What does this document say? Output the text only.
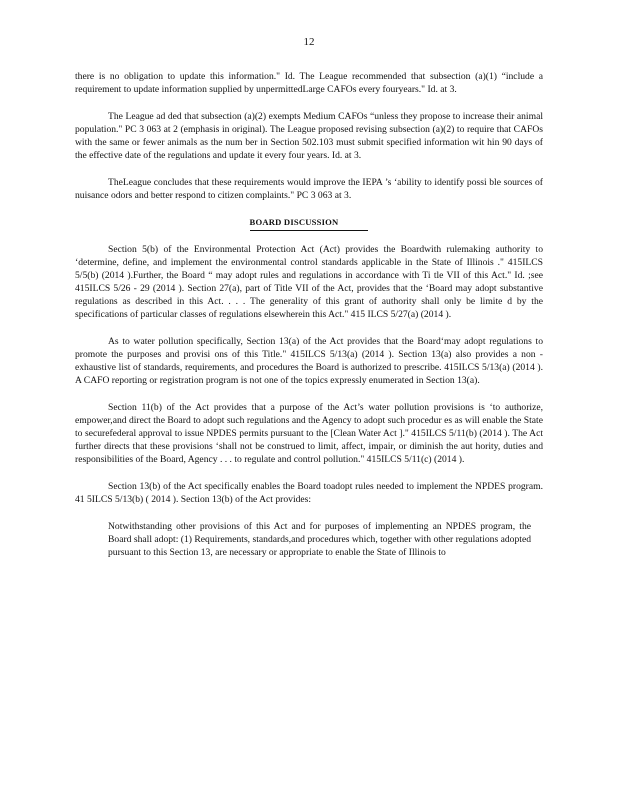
12

there is no obligation to update this information." Id. The League recommended that subsection (a)(1) “include a requirement to update information supplied by unpermittedLarge CAFOs every fouryears." Id. at 3.

The League ad ded that subsection (a)(2) exempts Medium CAFOs “unless they propose to increase their animal population." PC 3 063 at 2 (emphasis in original). The League proposed revising subsection (a)(2) to require that CAFOs with the same or fewer animals as the num ber in Section 502.103 must submit specified information wit hin 90 days of the effective date of the regulations and update it every four years. Id. at 3.

TheLeague concludes that these requirements would improve the IEPA ’s ‘ability to identify possi ble sources of nuisance odors and better respond to citizen complaints." PC 3 063 at 3.

BOARD DISCUSSION

Section 5(b) of the Environmental Protection Act (Act) provides the Boardwith rulemaking authority to ‘determine, define, and implement the environmental control standards applicable in the State of Illinois ." 415ILCS 5/5(b) (2014 ).Further, the Board “ may adopt rules and regulations in accordance with Ti tle VII of this Act." Id. ;see 415ILCS 5/26 - 29 (2014 ). Section 27(a), part of Title VII of the Act, provides that the ‘Board may adopt substantive regulations as described in this Act. . . . The generality of this grant of authority shall only be limite d by the specifications of particular classes of regulations elsewherein this Act." 415 ILCS 5/27(a) (2014 ).

As to water pollution specifically, Section 13(a) of the Act provides that the Board‘may adopt regulations to promote the purposes and provisi ons of this Title." 415ILCS 5/13(a) (2014 ). Section 13(a) also provides a non -exhaustive list of standards, requirements, and procedures the Board is authorized to prescribe. 415ILCS 5/13(a) (2014 ). A CAFO reporting or registration program is not one of the topics expressly enumerated in Section 13(a).

Section 11(b) of the Act provides that a purpose of the Act’s water pollution provisions is ‘to authorize, empower,and direct the Board to adopt such regulations and the Agency to adopt such procedur es as will enable the State to securefederal approval to issue NPDES permits pursuant to the [Clean Water Act ]." 415ILCS 5/11(b) (2014 ). The Act further directs that these provisions ‘shall not be construed to limit, affect, impair, or diminish the aut hority, duties and responsibilities of the Board, Agency . . . to regulate and control pollution." 415ILCS 5/11(c) (2014 ).

Section 13(b) of the Act specifically enables the Board toadopt rules needed to implement the NPDES program. 41 5ILCS 5/13(b) ( 2014 ). Section 13(b) of the Act provides:

Notwithstanding other provisions of this Act and for purposes of implementing an NPDES program, the Board shall adopt: (1) Requirements, standards,and procedures which, together with other regulations adopted pursuant to this Section 13, are necessary or appropriate to enable the State of Illinois to
